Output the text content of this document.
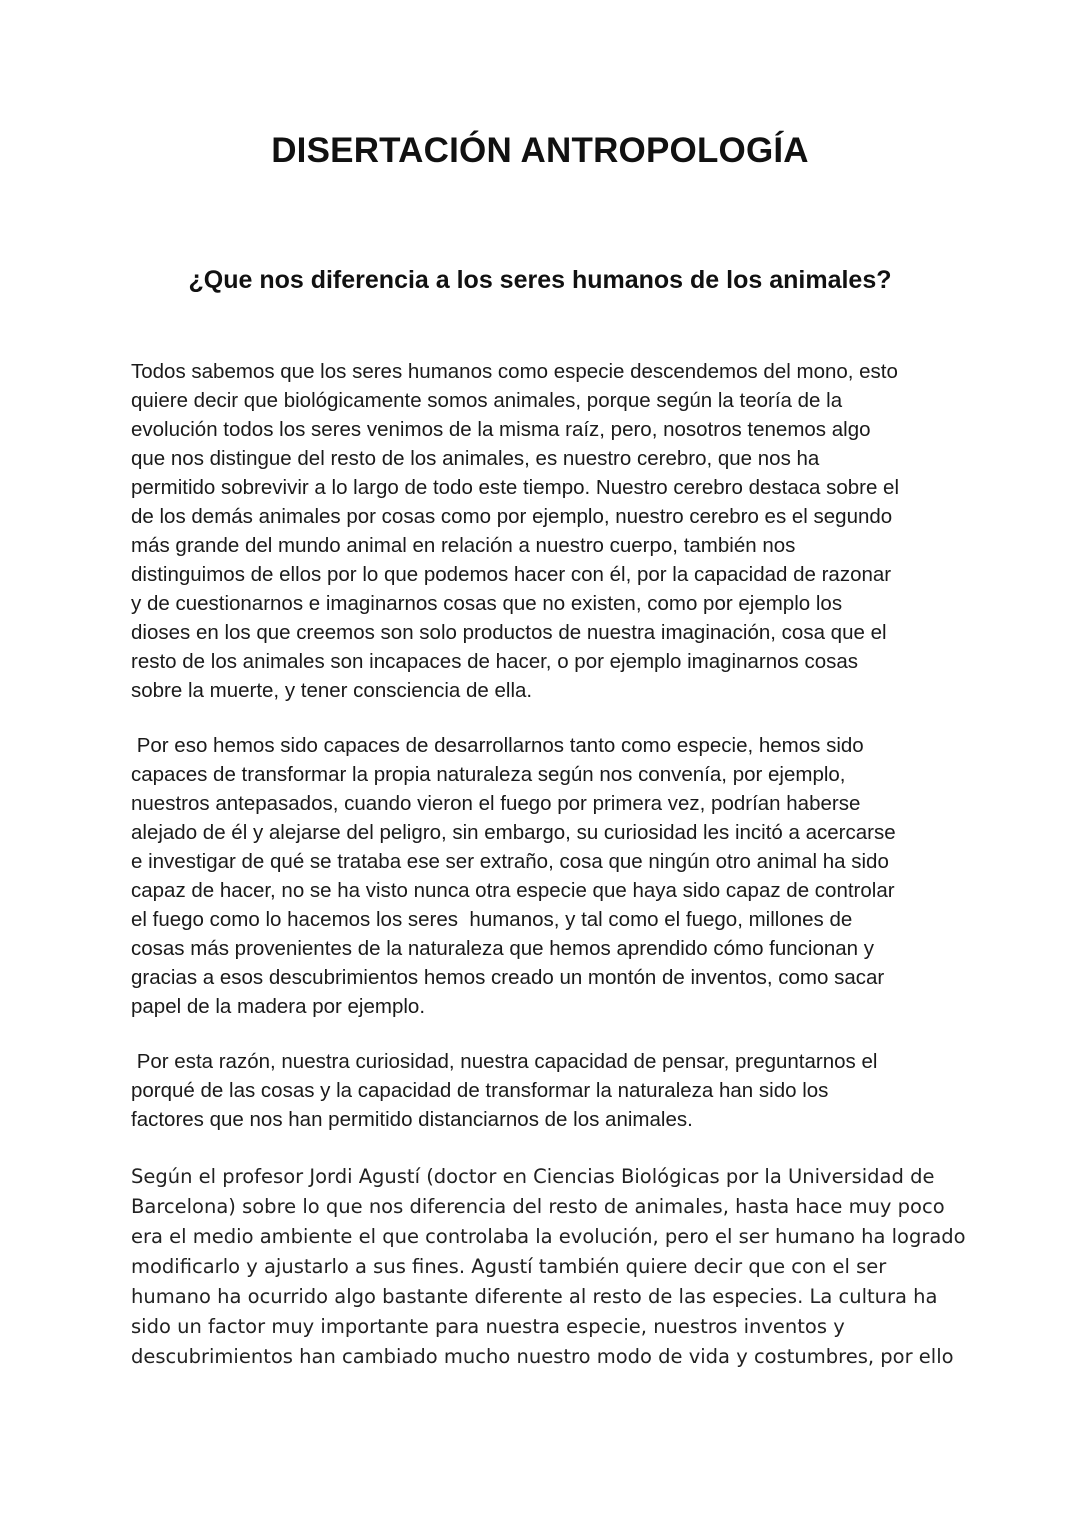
DISERTACIÓN ANTROPOLOGÍA
¿Que nos diferencia a los seres humanos de los animales?

Todos sabemos que los seres humanos como especie descendemos del mono, esto
quiere decir que biológicamente somos animales, porque según la teoría de la
evolución todos los seres venimos de la misma raíz, pero, nosotros tenemos algo
que nos distingue del resto de los animales, es nuestro cerebro, que nos ha
permitido sobrevivir a lo largo de todo este tiempo. Nuestro cerebro destaca sobre el
de los demás animales por cosas como por ejemplo, nuestro cerebro es el segundo
más grande del mundo animal en relación a nuestro cuerpo, también nos
distinguimos de ellos por lo que podemos hacer con él, por la capacidad de razonar
y de cuestionarnos e imaginarnos cosas que no existen, como por ejemplo los
dioses en los que creemos son solo productos de nuestra imaginación, cosa que el
resto de los animales son incapaces de hacer, o por ejemplo imaginarnos cosas
sobre la muerte, y tener consciencia de ella.

Por eso hemos sido capaces de desarrollarnos tanto como especie, hemos sido
capaces de transformar la propia naturaleza según nos convenía, por ejemplo,
nuestros antepasados, cuando vieron el fuego por primera vez, podrían haberse
alejado de él y alejarse del peligro, sin embargo, su curiosidad les incitó a acercarse
e investigar de qué se trataba ese ser extraño, cosa que ningún otro animal ha sido
capaz de hacer, no se ha visto nunca otra especie que haya sido capaz de controlar
el fuego como lo hacemos los seres  humanos, y tal como el fuego, millones de
cosas más provenientes de la naturaleza que hemos aprendido cómo funcionan y
gracias a esos descubrimientos hemos creado un montón de inventos, como sacar
papel de la madera por ejemplo.

Por esta razón, nuestra curiosidad, nuestra capacidad de pensar, preguntarnos el
porqué de las cosas y la capacidad de transformar la naturaleza han sido los
factores que nos han permitido distanciarnos de los animales.

Según el profesor Jordi Agustí (doctor en Ciencias Biológicas por la Universidad de
Barcelona) sobre lo que nos diferencia del resto de animales, hasta hace muy poco
era el medio ambiente el que controlaba la evolución, pero el ser humano ha logrado
modificarlo y ajustarlo a sus fines. Agustí también quiere decir que con el ser
humano ha ocurrido algo bastante diferente al resto de las especies. La cultura ha
sido un factor muy importante para nuestra especie, nuestros inventos y
descubrimientos han cambiado mucho nuestro modo de vida y costumbres, por ello
